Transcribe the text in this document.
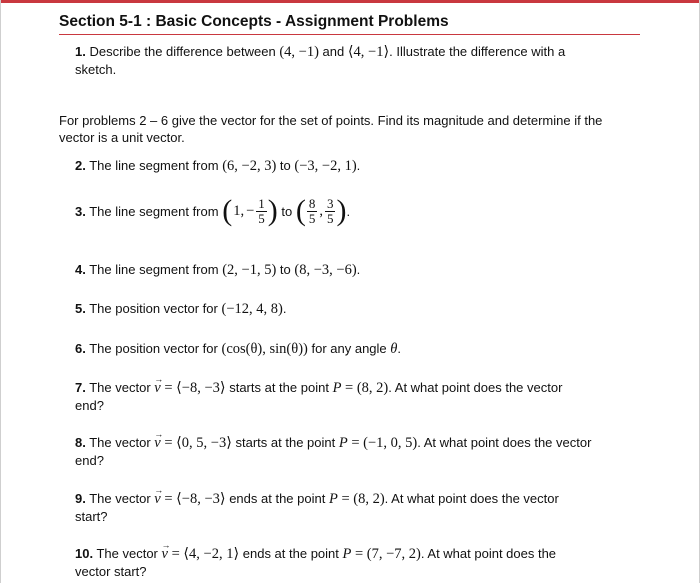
Section 5-1 : Basic Concepts - Assignment Problems
1. Describe the difference between (4, −1) and ⟨4, −1⟩. Illustrate the difference with a
sketch.
For problems 2 – 6 give the vector for the set of points. Find its magnitude and determine if the
vector is a unit vector.
2. The line segment from (6, −2, 3) to (−3, −2, 1).
3. The line segment from ( 1, − $\frac{1}{5}$ ) to ( $\frac{8}{5}$ , $\frac{3}{5}$ ) .
4. The line segment from (2, −1, 5) to (8, −3, −6).
5. The position vector for (−12, 4, 8).
6. The position vector for (cos(θ), sin(θ)) for any angle θ.
7. The vector v → = ⟨−8, −3⟩ starts at the point P = (8, 2). At what point does the vector
end?
8. The vector v → = ⟨0, 5, −3⟩ starts at the point P = (−1, 0, 5). At what point does the vector
end?
9. The vector v → = ⟨−8, −3⟩ ends at the point P = (8, 2). At what point does the vector
start?
10. The vector v → = ⟨4, −2, 1⟩ ends at the point P = (7, −7, 2). At what point does the
vector start?
